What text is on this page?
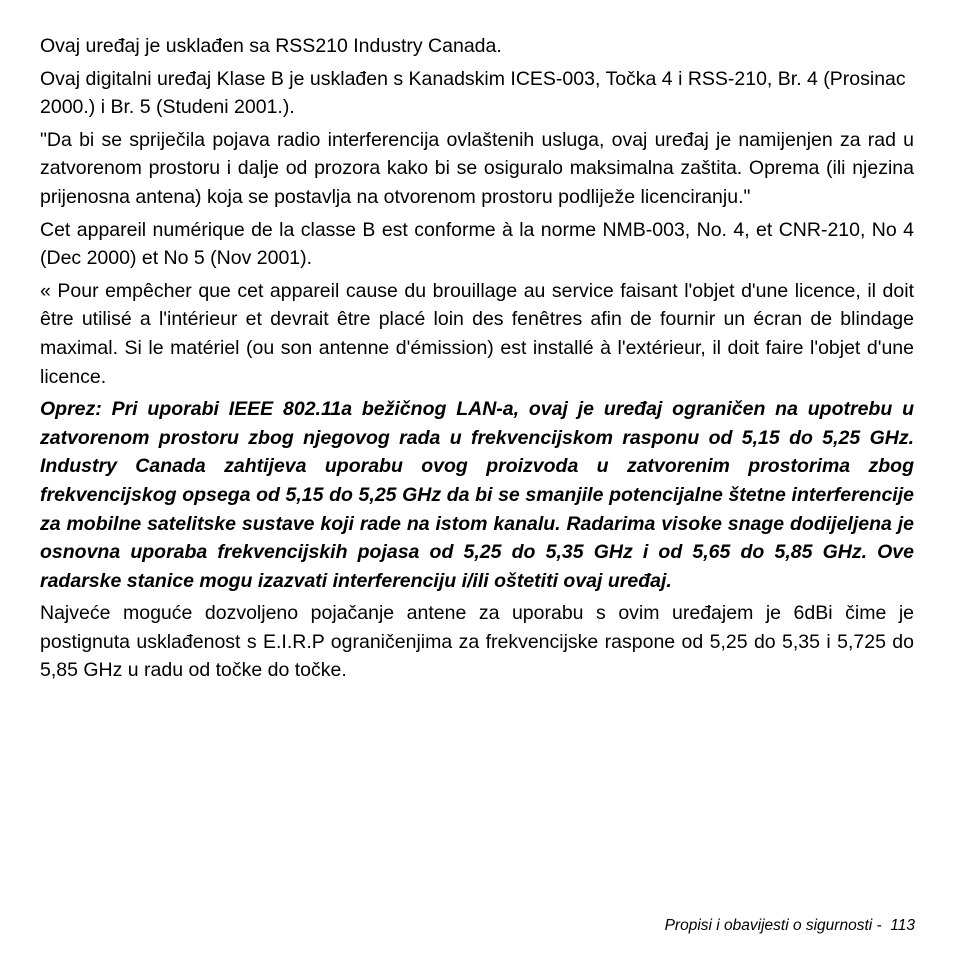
Ovaj uređaj je usklađen sa RSS210 Industry Canada.

Ovaj digitalni uređaj Klase B je usklađen s Kanadskim ICES-003, Točka 4 i RSS-210, Br. 4 (Prosinac 2000.) i Br. 5 (Studeni 2001.).

"Da bi se spriječila pojava radio interferencija ovlaštenih usluga, ovaj uređaj je namijenjen za rad u zatvorenom prostoru i dalje od prozora kako bi se osiguralo maksimalna zaštita. Oprema (ili njezina prijenosna antena) koja se postavlja na otvorenom prostoru podliježe licenciranju."

Cet appareil numérique de la classe B est conforme à la norme NMB-003, No. 4, et CNR-210, No 4 (Dec 2000) et No 5 (Nov 2001).

« Pour empêcher que cet appareil cause du brouillage au service faisant l'objet d'une licence, il doit être utilisé a l'intérieur et devrait être placé loin des fenêtres afin de fournir un écran de blindage maximal. Si le matériel (ou son antenne d'émission) est installé à l'extérieur, il doit faire l'objet d'une licence.

Oprez: Pri uporabi IEEE 802.11a bežičnog LAN-a, ovaj je uređaj ograničen na upotrebu u zatvorenom prostoru zbog njegovog rada u frekvencijskom rasponu od 5,15 do 5,25 GHz. Industry Canada zahtijeva uporabu ovog proizvoda u zatvorenim prostorima zbog frekvencijskog opsega od 5,15 do 5,25 GHz da bi se smanjile potencijalne štetne interferencije za mobilne satelitske sustave koji rade na istom kanalu. Radarima visoke snage dodijeljena je osnovna uporaba frekvencijskih pojasa od 5,25 do 5,35 GHz i od 5,65 do 5,85 GHz. Ove radarske stanice mogu izazvati interferenciju i/ili oštetiti ovaj uređaj.

Najveće moguće dozvoljeno pojačanje antene za uporabu s ovim uređajem je 6dBi čime je postignuta usklađenost s E.I.R.P ograničenjima za frekvencijske raspone od 5,25 do 5,35 i 5,725 do 5,85 GHz u radu od točke do točke.

Propisi i obavijesti o sigurnosti -  113
